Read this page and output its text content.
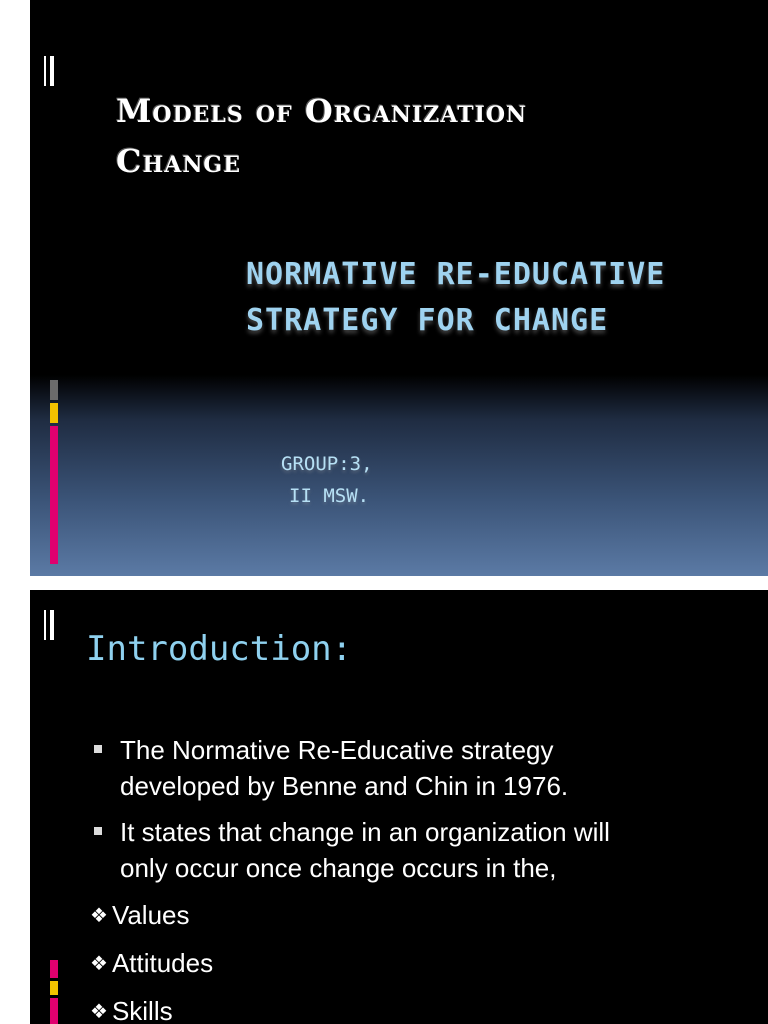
Models of Organization
Change
NORMATIVE RE-EDUCATIVE
STRATEGY FOR CHANGE

GROUP:3,

II MSW.

Introduction:
The Normative Re-Educative strategy
developed by Benne and Chin in 1976.
It states that change in an organization will
only occur once change occurs in the,
❖ Values
❖ Attitudes
❖ Skills
